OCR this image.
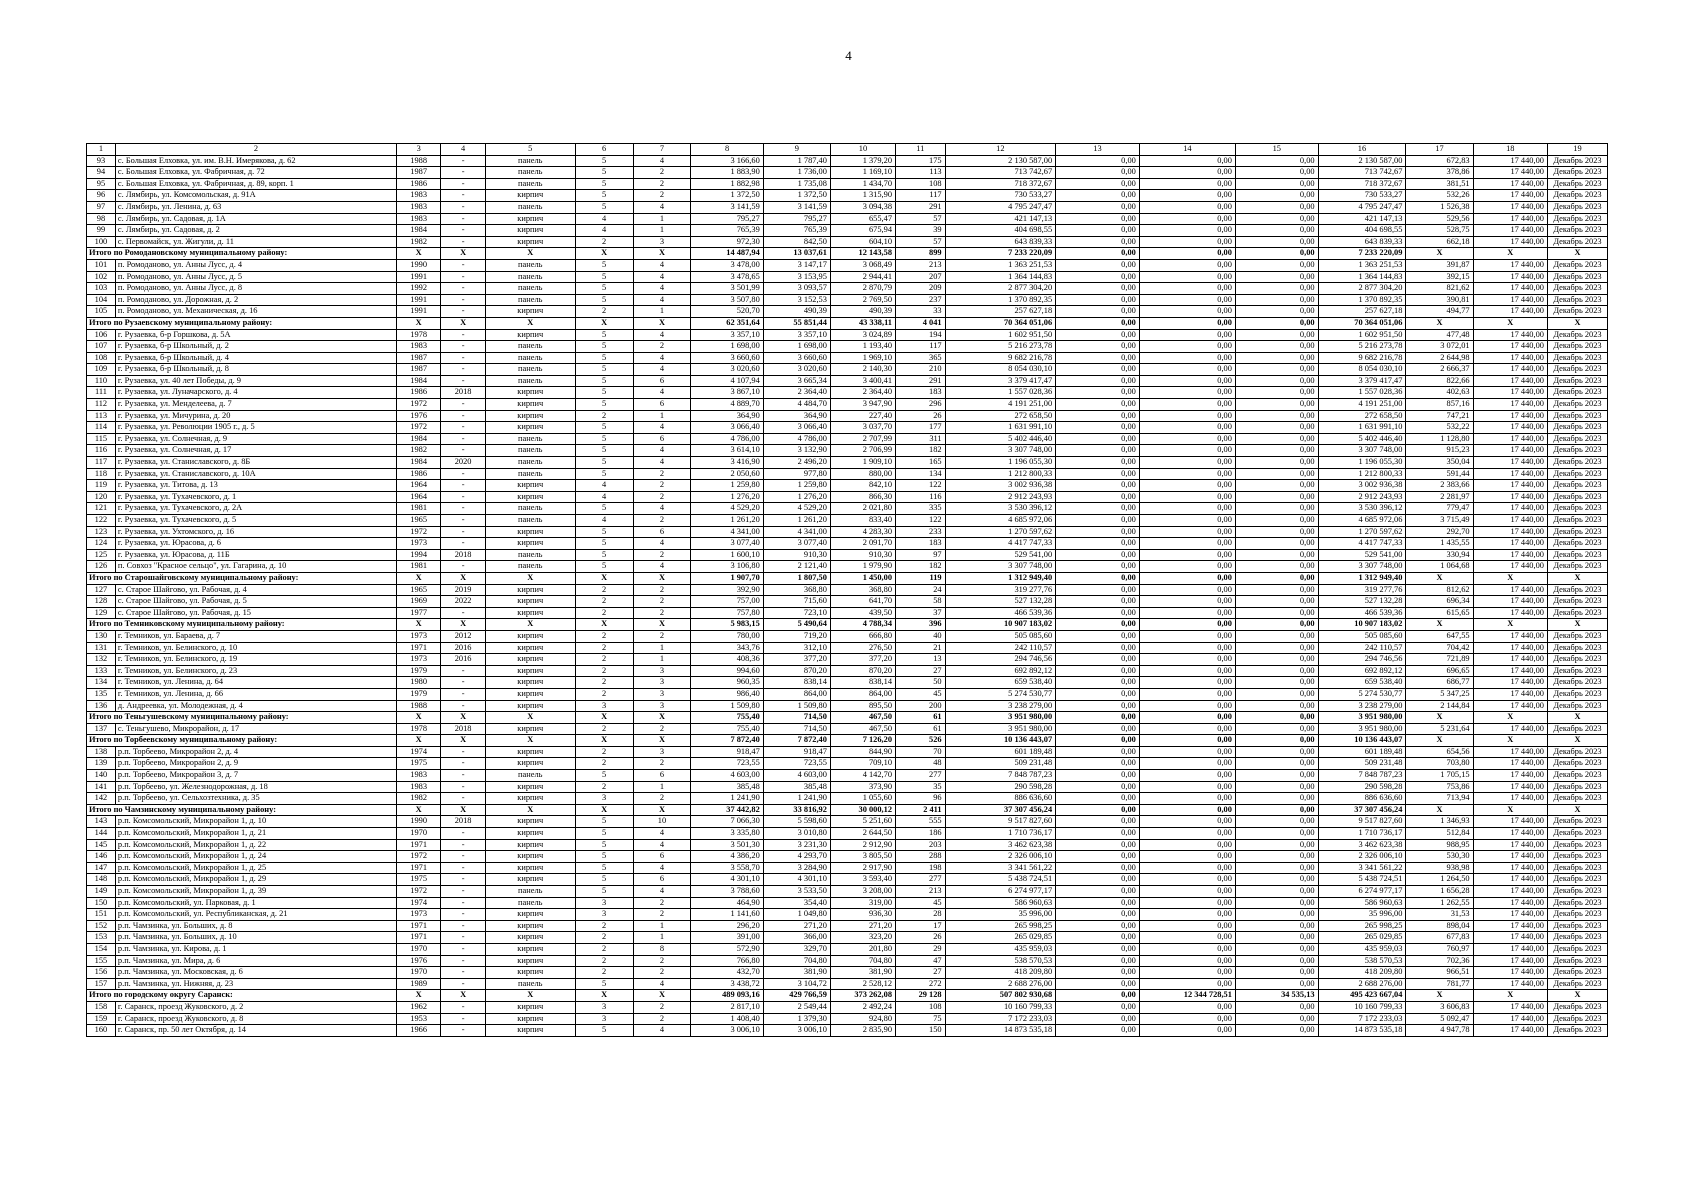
4
1	2	3	4	5	6	7	8	9	10	11	12	13	14	15	16	17	18	19
93	с. Большая Елховка, ул. им. В.Н. Имерякова, д. 62	1988	-	панель	5	4	3 166,60	1 787,40	1 379,20	175	2 130 587,00	0,00	0,00	0,00	2 130 587,00	672,83	17 440,00	Декабрь 2023
94	с. Большая Елховка, ул. Фабричная, д. 72	1987	-	панель	5	2	1 883,90	1 736,00	1 169,10	113	713 742,67	0,00	0,00	0,00	713 742,67	378,86	17 440,00	Декабрь 2023
95	с. Большая Елховка, ул. Фабричная, д. 89, корп. 1	1986	-	панель	5	2	1 882,98	1 735,08	1 434,70	108	718 372,67	0,00	0,00	0,00	718 372,67	381,51	17 440,00	Декабрь 2023
96	с. Лямбирь, ул. Комсомольская, д. 91А	1983	-	кирпич	5	2	1 372,50	1 372,50	1 315,90	117	730 533,27	0,00	0,00	0,00	730 533,27	532,26	17 440,00	Декабрь 2023
97	с. Лямбирь, ул. Ленина, д. 63	1983	-	панель	5	4	3 141,59	3 141,59	3 094,38	291	4 795 247,47	0,00	0,00	0,00	4 795 247,47	1 526,38	17 440,00	Декабрь 2023
98	с. Лямбирь, ул. Садовая, д. 1А	1983	-	кирпич	4	1	795,27	795,27	655,47	57	421 147,13	0,00	0,00	0,00	421 147,13	529,56	17 440,00	Декабрь 2023
99	с. Лямбирь, ул. Садовая, д. 2	1984	-	кирпич	4	1	765,39	765,39	675,94	39	404 698,55	0,00	0,00	0,00	404 698,55	528,75	17 440,00	Декабрь 2023
100	с. Первомайск, ул. Жигули, д. 11	1982	-	кирпич	2	3	972,30	842,50	604,10	57	643 839,33	0,00	0,00	0,00	643 839,33	662,18	17 440,00	Декабрь 2023
Итого по Ромодановскому муниципальному району:		X	X	X	X	X	14 487,94	13 037,61	12 143,58	899	7 233 220,09	0,00	0,00	0,00	7 233 220,09	X	X	X
101	п. Ромоданово, ул. Анны Лусс, д. 4	1990	-	панель	5	4	3 478,00	3 147,17	3 068,49	213	1 363 251,53	0,00	0,00	0,00	1 363 251,53	391,87	17 440,00	Декабрь 2023
102	п. Ромоданово, ул. Анны Лусс, д. 5	1991	-	панель	5	4	3 478,65	3 153,95	2 944,41	207	1 364 144,83	0,00	0,00	0,00	1 364 144,83	392,15	17 440,00	Декабрь 2023
103	п. Ромоданово, ул. Анны Лусс, д. 8	1992	-	панель	5	4	3 501,99	3 093,57	2 870,79	209	2 877 304,20	0,00	0,00	0,00	2 877 304,20	821,62	17 440,00	Декабрь 2023
104	п. Ромоданово, ул. Дорожная, д. 2	1991	-	панель	5	4	3 507,80	3 152,53	2 769,50	237	1 370 892,35	0,00	0,00	0,00	1 370 892,35	390,81	17 440,00	Декабрь 2023
105	п. Ромоданово, ул. Механическая, д. 16	1991	-	кирпич	2	1	520,70	490,39	490,39	33	257 627,18	0,00	0,00	0,00	257 627,18	494,77	17 440,00	Декабрь 2023
Итого по Рузаевскому муниципальному району:		X	X	X	X	X	62 351,64	55 851,44	43 338,11	4 041	70 364 051,06	0,00	0,00	0,00	70 364 051,06	X	X	X
106	г. Рузаевка, б-р Горшкова, д. 5А	1978	-	кирпич	5	4	3 357,10	3 357,10	3 024,89	194	1 602 951,50	0,00	0,00	0,00	1 602 951,50	477,48	17 440,00	Декабрь 2023
107	г. Рузаевка, б-р Школьный, д. 2	1983	-	панель	5	2	1 698,00	1 698,00	1 193,40	117	5 216 273,78	0,00	0,00	0,00	5 216 273,78	3 072,01	17 440,00	Декабрь 2023
108	г. Рузаевка, б-р Школьный, д. 4	1987	-	панель	5	4	3 660,60	3 660,60	1 969,10	365	9 682 216,78	0,00	0,00	0,00	9 682 216,78	2 644,98	17 440,00	Декабрь 2023
109	г. Рузаевка, б-р Школьный, д. 8	1987	-	панель	5	4	3 020,60	3 020,60	2 140,30	210	8 054 030,10	0,00	0,00	0,00	8 054 030,10	2 666,37	17 440,00	Декабрь 2023
110	г. Рузаевка, ул. 40 лет Победы, д. 9	1984	-	панель	5	6	4 107,94	3 665,34	3 400,41	291	3 379 417,47	0,00	0,00	0,00	3 379 417,47	822,66	17 440,00	Декабрь 2023
111	г. Рузаевка, ул. Луначарского, д. 4	1986	2018	кирпич	5	4	3 867,10	2 364,40	2 364,40	183	1 557 028,36	0,00	0,00	0,00	1 557 028,36	402,63	17 440,00	Декабрь 2023
112	г. Рузаевка, ул. Менделеева, д. 7	1972	-	кирпич	5	6	4 889,70	4 484,70	3 947,90	296	4 191 251,00	0,00	0,00	0,00	4 191 251,00	857,16	17 440,00	Декабрь 2023
113	г. Рузаевка, ул. Мичурина, д. 20	1976	-	кирпич	2	1	364,90	364,90	227,40	26	272 658,50	0,00	0,00	0,00	272 658,50	747,21	17 440,00	Декабрь 2023
114	г. Рузаевка, ул. Революции 1905 г., д. 5	1972	-	кирпич	5	4	3 066,40	3 066,40	3 037,70	177	1 631 991,10	0,00	0,00	0,00	1 631 991,10	532,22	17 440,00	Декабрь 2023
115	г. Рузаевка, ул. Солнечная, д. 9	1984	-	панель	5	6	4 786,00	4 786,00	2 707,99	311	5 402 446,40	0,00	0,00	0,00	5 402 446,40	1 128,80	17 440,00	Декабрь 2023
116	г. Рузаевка, ул. Солнечная, д. 17	1982	-	панель	5	4	3 614,10	3 132,90	2 706,99	182	3 307 748,00	0,00	0,00	0,00	3 307 748,00	915,23	17 440,00	Декабрь 2023
117	г. Рузаевка, ул. Станиславского, д. 8Б	1984	2020	панель	5	4	3 416,90	2 496,20	1 909,10	165	1 196 055,30	0,00	0,00	0,00	1 196 055,30	350,04	17 440,00	Декабрь 2023
118	г. Рузаевка, ул. Станиславского, д. 10А	1986	-	панель	5	2	2 050,60	977,80	880,00	134	1 212 800,33	0,00	0,00	0,00	1 212 800,33	591,44	17 440,00	Декабрь 2023
119	г. Рузаевка, ул. Титова, д. 13	1964	-	кирпич	4	2	1 259,80	1 259,80	842,10	122	3 002 936,38	0,00	0,00	0,00	3 002 936,38	2 383,66	17 440,00	Декабрь 2023
120	г. Рузаевка, ул. Тухачевского, д. 1	1964	-	кирпич	4	2	1 276,20	1 276,20	866,30	116	2 912 243,93	0,00	0,00	0,00	2 912 243,93	2 281,97	17 440,00	Декабрь 2023
121	г. Рузаевка, ул. Тухачевского, д. 2А	1981	-	панель	5	4	4 529,20	4 529,20	2 021,80	335	3 530 396,12	0,00	0,00	0,00	3 530 396,12	779,47	17 440,00	Декабрь 2023
122	г. Рузаевка, ул. Тухачевского, д. 5	1965	-	панель	4	2	1 261,20	1 261,20	833,40	122	4 685 972,06	0,00	0,00	0,00	4 685 972,06	3 715,49	17 440,00	Декабрь 2023
123	г. Рузаевка, ул. Ухтомского, д. 16	1972	-	кирпич	5	6	4 341,00	4 341,00	4 283,30	233	1 270 597,62	0,00	0,00	0,00	1 270 597,62	292,70	17 440,00	Декабрь 2023
124	г. Рузаевка, ул. Юрасова, д. 6	1973	-	кирпич	5	4	3 077,40	3 077,40	2 091,70	183	4 417 747,33	0,00	0,00	0,00	4 417 747,33	1 435,55	17 440,00	Декабрь 2023
125	г. Рузаевка, ул. Юрасова, д. 11Б	1994	2018	панель	5	2	1 600,10	910,30	910,30	97	529 541,00	0,00	0,00	0,00	529 541,00	330,94	17 440,00	Декабрь 2023
126	п. Совхоз "Красное сельцо", ул. Гагарина, д. 10	1981	-	панель	5	4	3 106,80	2 121,40	1 979,90	182	3 307 748,00	0,00	0,00	0,00	3 307 748,00	1 064,68	17 440,00	Декабрь 2023
Итого по Старошайговскому муниципальному району:		X	X	X	X	X	1 907,70	1 807,50	1 450,00	119	1 312 949,40	0,00	0,00	0,00	1 312 949,40	X	X	X
127	с. Старое Шайгово, ул. Рабочая, д. 4	1965	2019	кирпич	2	2	392,90	368,80	368,80	24	319 277,76	0,00	0,00	0,00	319 277,76	812,62	17 440,00	Декабрь 2023
128	с. Старое Шайгово, ул. Рабочая, д. 5	1969	2022	кирпич	2	2	757,00	715,60	641,70	58	527 132,28	0,00	0,00	0,00	527 132,28	696,34	17 440,00	Декабрь 2023
129	с. Старое Шайгово, ул. Рабочая, д. 15	1977	-	кирпич	2	2	757,80	723,10	439,50	37	466 539,36	0,00	0,00	0,00	466 539,36	615,65	17 440,00	Декабрь 2023
Итого по Темниковскому муниципальному району:		X	X	X	X	X	5 983,15	5 490,64	4 788,34	396	10 907 183,02	0,00	0,00	0,00	10 907 183,02	X	X	X
130	г. Темников, ул. Бараева, д. 7	1973	2012	кирпич	2	2	780,00	719,20	666,80	40	505 085,60	0,00	0,00	0,00	505 085,60	647,55	17 440,00	Декабрь 2023
131	г. Темников, ул. Белинского, д. 10	1971	2016	кирпич	2	1	343,76	312,10	276,50	21	242 110,57	0,00	0,00	0,00	242 110,57	704,42	17 440,00	Декабрь 2023
132	г. Темников, ул. Белинского, д. 19	1973	2016	кирпич	2	1	408,36	377,20	377,20	13	294 746,56	0,00	0,00	0,00	294 746,56	721,89	17 440,00	Декабрь 2023
133	г. Темников, ул. Белинского, д. 23	1979	-	кирпич	2	3	994,60	870,20	870,20	27	692 892,12	0,00	0,00	0,00	692 892,12	696,65	17 440,00	Декабрь 2023
134	г. Темников, ул. Ленина, д. 64	1980	-	кирпич	2	3	960,35	838,14	838,14	50	659 538,40	0,00	0,00	0,00	659 538,40	686,77	17 440,00	Декабрь 2023
135	г. Темников, ул. Ленина, д. 66	1979	-	кирпич	2	3	986,40	864,00	864,00	45	5 274 530,77	0,00	0,00	0,00	5 274 530,77	5 347,25	17 440,00	Декабрь 2023
136	д. Андреевка, ул. Молодежная, д. 4	1988	-	кирпич	3	3	1 509,80	1 509,80	895,50	200	3 238 279,00	0,00	0,00	0,00	3 238 279,00	2 144,84	17 440,00	Декабрь 2023
Итого по Теньгушевскому муниципальному району:		X	X	X	X	X	755,40	714,50	467,50	61	3 951 980,00	0,00	0,00	0,00	3 951 980,00	X	X	X
137	с. Теньгушево, Микрорайон, д. 17	1978	2018	кирпич	2	2	755,40	714,50	467,50	61	3 951 980,00	0,00	0,00	0,00	3 951 980,00	5 231,64	17 440,00	Декабрь 2023
Итого по Торбеевскому муниципальному району:		X	X	X	X	X	7 872,40	7 872,40	7 126,20	526	10 136 443,07	0,00	0,00	0,00	10 136 443,07	X	X	X
138	р.п. Торбеево, Микрорайон 2, д. 4	1974	-	кирпич	2	3	918,47	918,47	844,90	70	601 189,48	0,00	0,00	0,00	601 189,48	654,56	17 440,00	Декабрь 2023
139	р.п. Торбеево, Микрорайон 2, д. 9	1975	-	кирпич	2	2	723,55	723,55	709,10	48	509 231,48	0,00	0,00	0,00	509 231,48	703,80	17 440,00	Декабрь 2023
140	р.п. Торбеево, Микрорайон 3, д. 7	1983	-	панель	5	6	4 603,00	4 603,00	4 142,70	277	7 848 787,23	0,00	0,00	0,00	7 848 787,23	1 705,15	17 440,00	Декабрь 2023
141	р.п. Торбеево, ул. Железнодорожная, д. 18	1983	-	кирпич	2	1	385,48	385,48	373,90	35	290 598,28	0,00	0,00	0,00	290 598,28	753,86	17 440,00	Декабрь 2023
142	р.п. Торбеево, ул. Сельхозтехника, д. 35	1982	-	кирпич	3	2	1 241,90	1 241,90	1 055,60	96	886 636,60	0,00	0,00	0,00	886 636,60	713,94	17 440,00	Декабрь 2023
Итого по Чамзинскому муниципальному району:		X	X	X	X	X	37 442,82	33 816,92	30 000,12	2 411	37 307 456,24	0,00	0,00	0,00	37 307 456,24	X	X	X
143	р.п. Комсомольский, Микрорайон 1, д. 10	1990	2018	кирпич	5	10	7 066,30	5 598,60	5 251,60	555	9 517 827,60	0,00	0,00	0,00	9 517 827,60	1 346,93	17 440,00	Декабрь 2023
144	р.п. Комсомольский, Микрорайон 1, д. 21	1970	-	кирпич	5	4	3 335,80	3 010,80	2 644,50	186	1 710 736,17	0,00	0,00	0,00	1 710 736,17	512,84	17 440,00	Декабрь 2023
145	р.п. Комсомольский, Микрорайон 1, д. 22	1971	-	кирпич	5	4	3 501,30	3 231,30	2 912,90	203	3 462 623,38	0,00	0,00	0,00	3 462 623,38	988,95	17 440,00	Декабрь 2023
146	р.п. Комсомольский, Микрорайон 1, д. 24	1972	-	кирпич	5	6	4 386,20	4 293,70	3 805,50	288	2 326 006,10	0,00	0,00	0,00	2 326 006,10	530,30	17 440,00	Декабрь 2023
147	р.п. Комсомольский, Микрорайон 1, д. 25	1971	-	кирпич	5	4	3 558,70	3 284,90	2 917,90	198	3 341 561,22	0,00	0,00	0,00	3 341 561,22	938,98	17 440,00	Декабрь 2023
148	р.п. Комсомольский, Микрорайон 1, д. 29	1975	-	кирпич	5	6	4 301,10	4 301,10	3 593,40	277	5 438 724,51	0,00	0,00	0,00	5 438 724,51	1 264,50	17 440,00	Декабрь 2023
149	р.п. Комсомольский, Микрорайон 1, д. 39	1972	-	панель	5	4	3 788,60	3 533,50	3 208,00	213	6 274 977,17	0,00	0,00	0,00	6 274 977,17	1 656,28	17 440,00	Декабрь 2023
150	р.п. Комсомольский, ул. Парковая, д. 1	1974	-	панель	3	2	464,90	354,40	319,00	45	586 960,63	0,00	0,00	0,00	586 960,63	1 262,55	17 440,00	Декабрь 2023
151	р.п. Комсомольский, ул. Республиканская, д. 21	1973	-	кирпич	3	2	1 141,60	1 049,80	936,30	28	35 996,00	0,00	0,00	0,00	35 996,00	31,53	17 440,00	Декабрь 2023
152	р.п. Чамзинка, ул. Больших, д. 8	1971	-	кирпич	2	1	296,20	271,20	271,20	17	265 998,25	0,00	0,00	0,00	265 998,25	898,04	17 440,00	Декабрь 2023
153	р.п. Чамзинка, ул. Больших, д. 10	1971	-	кирпич	2	1	391,00	366,00	323,20	26	265 029,85	0,00	0,00	0,00	265 029,85	677,83	17 440,00	Декабрь 2023
154	р.п. Чамзинка, ул. Кирова, д. 1	1970	-	кирпич	2	8	572,90	329,70	201,80	29	435 959,03	0,00	0,00	0,00	435 959,03	760,97	17 440,00	Декабрь 2023
155	р.п. Чамзинка, ул. Мира, д. 6	1976	-	кирпич	2	2	766,80	704,80	704,80	47	538 570,53	0,00	0,00	0,00	538 570,53	702,36	17 440,00	Декабрь 2023
156	р.п. Чамзинка, ул. Московская, д. 6	1970	-	кирпич	2	2	432,70	381,90	381,90	27	418 209,80	0,00	0,00	0,00	418 209,80	966,51	17 440,00	Декабрь 2023
157	р.п. Чамзинка, ул. Нижняя, д. 23	1989	-	панель	5	4	3 438,72	3 104,72	2 528,12	272	2 688 276,00	0,00	0,00	0,00	2 688 276,00	781,77	17 440,00	Декабрь 2023
Итого по городскому округу Саранск:		X	X	X	X	X	489 093,16	429 766,59	373 262,08	29 128	507 802 930,68	0,00	12 344 728,51	34 535,13	495 423 667,04	X	X	X
158	г. Саранск, проезд Жуковского, д. 2	1962	-	кирпич	3	2	2 817,10	2 549,44	2 492,24	108	10 160 799,33	0,00	0,00	0,00	10 160 799,33	3 606,83	17 440,00	Декабрь 2023
159	г. Саранск, проезд Жуковского, д. 8	1953	-	кирпич	3	2	1 408,40	1 379,30	924,80	75	7 172 233,03	0,00	0,00	0,00	7 172 233,03	5 092,47	17 440,00	Декабрь 2023
160	г. Саранск, пр. 50 лет Октября, д. 14	1966	-	кирпич	5	4	3 006,10	3 006,10	2 835,90	150	14 873 535,18	0,00	0,00	0,00	14 873 535,18	4 947,78	17 440,00	Декабрь 2023
